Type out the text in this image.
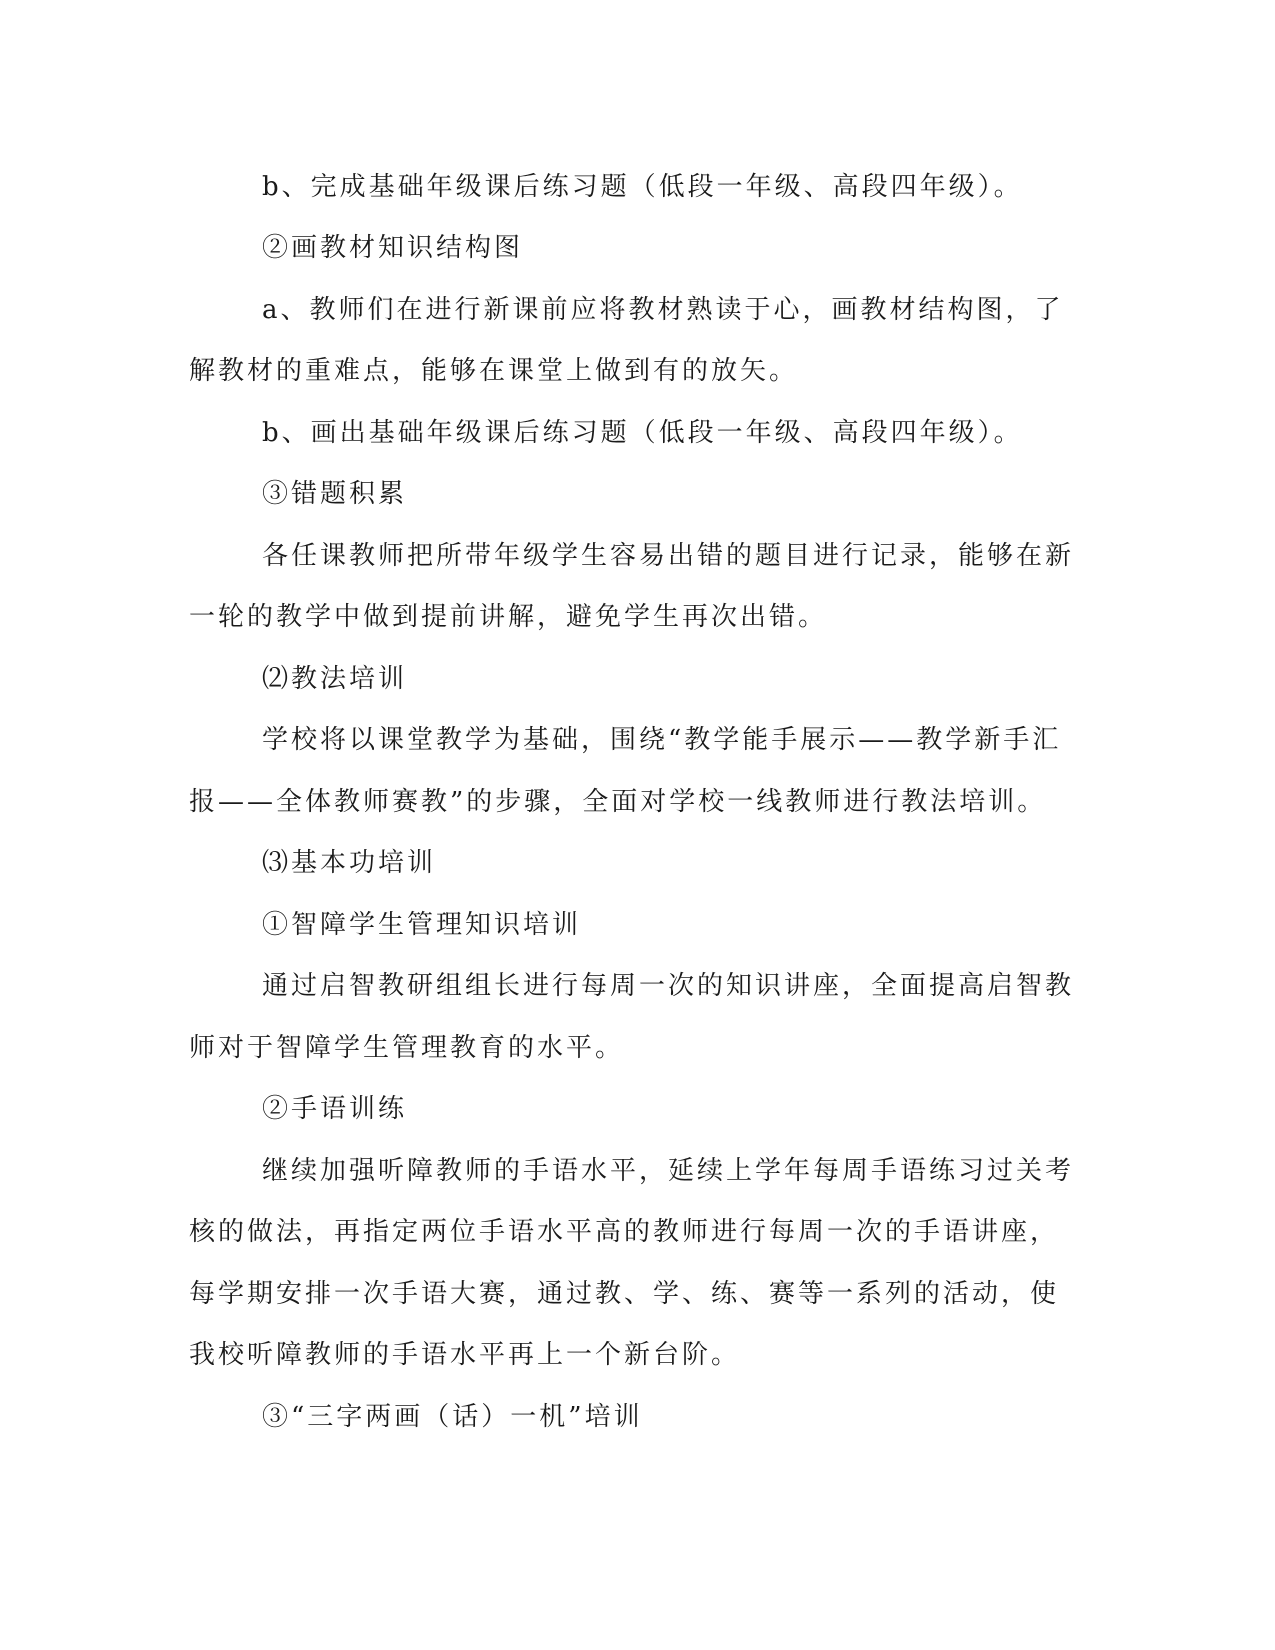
b、完成基础年级课后练习题（低段一年级、高段四年级）。
②画教材知识结构图
a、教师们在进行新课前应将教材熟读于心，画教材结构图，了
解教材的重难点，能够在课堂上做到有的放矢。
b、画出基础年级课后练习题（低段一年级、高段四年级）。
③错题积累
各任课教师把所带年级学生容易出错的题目进行记录，能够在新
一轮的教学中做到提前讲解，避免学生再次出错。
⑵教法培训
学校将以课堂教学为基础，围绕“教学能手展示——教学新手汇
报——全体教师赛教”的步骤，全面对学校一线教师进行教法培训。
⑶基本功培训
①智障学生管理知识培训
通过启智教研组组长进行每周一次的知识讲座，全面提高启智教
师对于智障学生管理教育的水平。
②手语训练
继续加强听障教师的手语水平，延续上学年每周手语练习过关考
核的做法，再指定两位手语水平高的教师进行每周一次的手语讲座，
每学期安排一次手语大赛，通过教、学、练、赛等一系列的活动，使
我校听障教师的手语水平再上一个新台阶。
③“三字两画（话）一机”培训
